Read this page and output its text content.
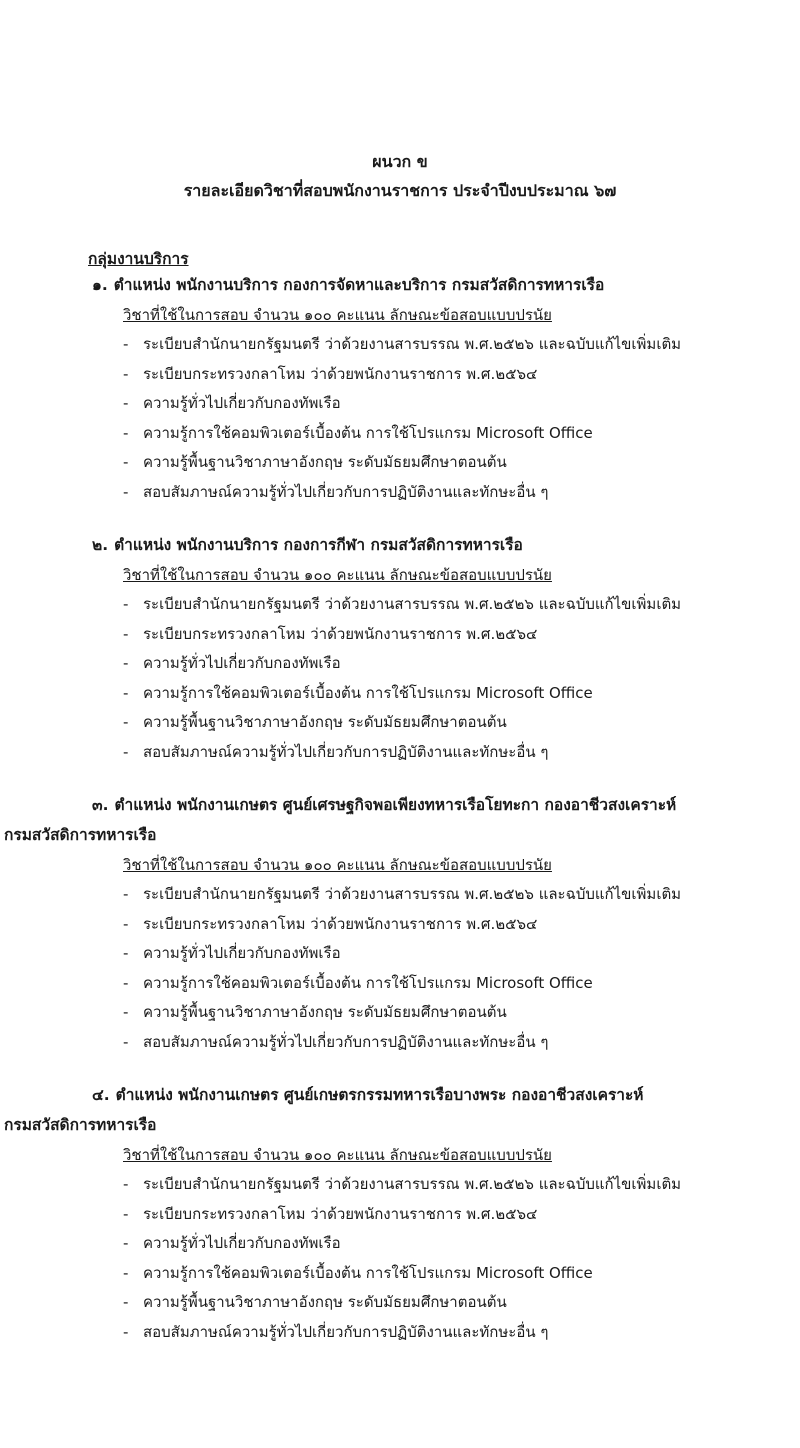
ผนวก ข
รายละเอียดวิชาที่สอบพนักงานราชการ ประจำปีงบประมาณ ๖๗
กลุ่มงานบริการ
๑. ตำแหน่ง พนักงานบริการ กองการจัดหาและบริการ กรมสวัสดิการทหารเรือ
วิชาที่ใช้ในการสอบ จำนวน ๑๐๐ คะแนน ลักษณะข้อสอบแบบปรนัย
- ระเบียบสำนักนายกรัฐมนตรี ว่าด้วยงานสารบรรณ พ.ศ.๒๕๒๖ และฉบับแก้ไขเพิ่มเติม
- ระเบียบกระทรวงกลาโหม ว่าด้วยพนักงานราชการ พ.ศ.๒๕๖๔
- ความรู้ทั่วไปเกี่ยวกับกองทัพเรือ
- ความรู้การใช้คอมพิวเตอร์เบื้องต้น การใช้โปรแกรม Microsoft Office
- ความรู้พื้นฐานวิชาภาษาอังกฤษ ระดับมัธยมศึกษาตอนต้น
- สอบสัมภาษณ์ความรู้ทั่วไปเกี่ยวกับการปฏิบัติงานและทักษะอื่น ๆ
๒. ตำแหน่ง พนักงานบริการ กองการกีฬา กรมสวัสดิการทหารเรือ
วิชาที่ใช้ในการสอบ จำนวน ๑๐๐ คะแนน ลักษณะข้อสอบแบบปรนัย
- ระเบียบสำนักนายกรัฐมนตรี ว่าด้วยงานสารบรรณ พ.ศ.๒๕๒๖ และฉบับแก้ไขเพิ่มเติม
- ระเบียบกระทรวงกลาโหม ว่าด้วยพนักงานราชการ พ.ศ.๒๕๖๔
- ความรู้ทั่วไปเกี่ยวกับกองทัพเรือ
- ความรู้การใช้คอมพิวเตอร์เบื้องต้น การใช้โปรแกรม Microsoft Office
- ความรู้พื้นฐานวิชาภาษาอังกฤษ ระดับมัธยมศึกษาตอนต้น
- สอบสัมภาษณ์ความรู้ทั่วไปเกี่ยวกับการปฏิบัติงานและทักษะอื่น ๆ
๓. ตำแหน่ง พนักงานเกษตร ศูนย์เศรษฐกิจพอเพียงทหารเรือโยทะกา กองอาชีวสงเคราะห์
กรมสวัสดิการทหารเรือ
วิชาที่ใช้ในการสอบ จำนวน ๑๐๐ คะแนน ลักษณะข้อสอบแบบปรนัย
- ระเบียบสำนักนายกรัฐมนตรี ว่าด้วยงานสารบรรณ พ.ศ.๒๕๒๖ และฉบับแก้ไขเพิ่มเติม
- ระเบียบกระทรวงกลาโหม ว่าด้วยพนักงานราชการ พ.ศ.๒๕๖๔
- ความรู้ทั่วไปเกี่ยวกับกองทัพเรือ
- ความรู้การใช้คอมพิวเตอร์เบื้องต้น การใช้โปรแกรม Microsoft Office
- ความรู้พื้นฐานวิชาภาษาอังกฤษ ระดับมัธยมศึกษาตอนต้น
- สอบสัมภาษณ์ความรู้ทั่วไปเกี่ยวกับการปฏิบัติงานและทักษะอื่น ๆ
๔. ตำแหน่ง พนักงานเกษตร ศูนย์เกษตรกรรมทหารเรือบางพระ กองอาชีวสงเคราะห์
กรมสวัสดิการทหารเรือ
วิชาที่ใช้ในการสอบ จำนวน ๑๐๐ คะแนน ลักษณะข้อสอบแบบปรนัย
- ระเบียบสำนักนายกรัฐมนตรี ว่าด้วยงานสารบรรณ พ.ศ.๒๕๒๖ และฉบับแก้ไขเพิ่มเติม
- ระเบียบกระทรวงกลาโหม ว่าด้วยพนักงานราชการ พ.ศ.๒๕๖๔
- ความรู้ทั่วไปเกี่ยวกับกองทัพเรือ
- ความรู้การใช้คอมพิวเตอร์เบื้องต้น การใช้โปรแกรม Microsoft Office
- ความรู้พื้นฐานวิชาภาษาอังกฤษ ระดับมัธยมศึกษาตอนต้น
- สอบสัมภาษณ์ความรู้ทั่วไปเกี่ยวกับการปฏิบัติงานและทักษะอื่น ๆ
